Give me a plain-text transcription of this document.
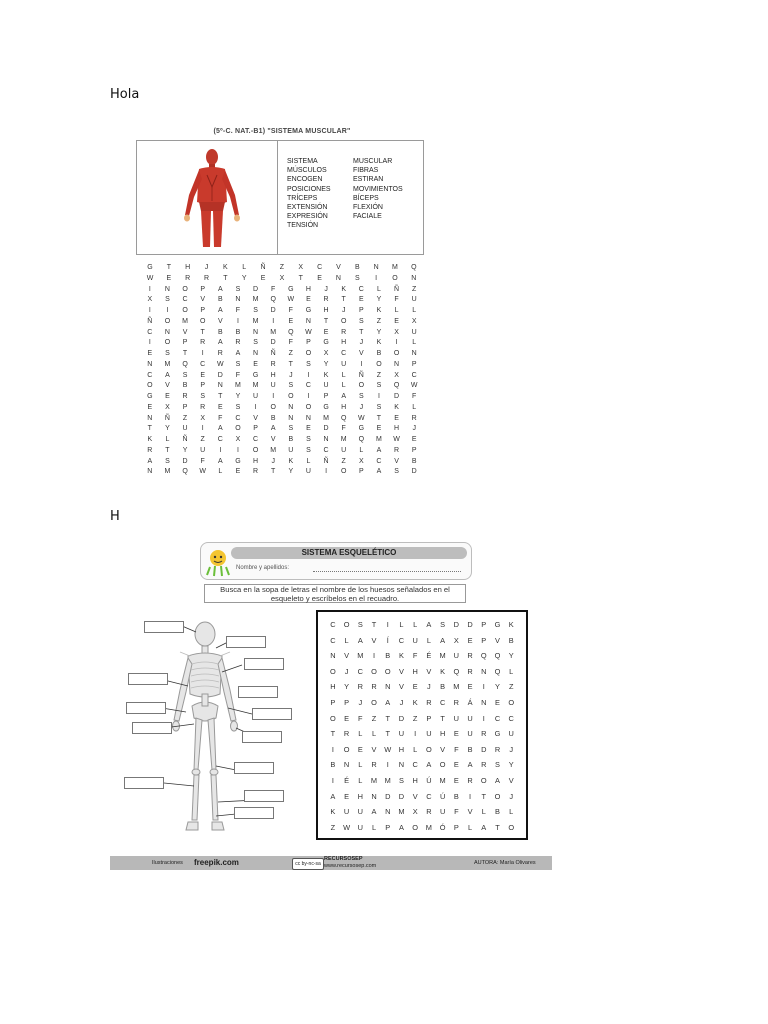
Hola
(5º-C. NAT.-B1) "SISTEMA MUSCULAR"
SISTEMA	MUSCULAR
MÚSCULOS	FIBRAS
ENCOGEN	ESTIRAN
POSICIONES	MOVIMIENTOS
TRÍCEPS	BÍCEPS
EXTENSIÓN	FLEXIÓN
EXPRESIÓN	FACIALE
TENSIÓN
G	T	H	J	K	L	Ñ	Z	X	C	V	B	N	M	Q
W	E	R	R	T	Y	E	X	T	E	N	S	I	O	N
I	N	O	P	A	S	D	F	G	H	J	K	C	L	Ñ	Z
X	S	C	V	B	N	M	Q	W	E	R	T	E	Y	F	U
I	I	O	P	A	F	S	D	F	G	H	J	P	K	L	L
Ñ	O	M	O	V	I	M	I	E	N	T	O	S	Z	E	X
C	N	V	T	B	B	N	M	Q	W	E	R	T	Y	X	U
I	O	P	R	A	R	S	D	F	P	G	H	J	K	I	L
E	S	T	I	R	A	N	Ñ	Z	O	X	C	V	B	O	N
N	M	Q	C	W	S	E	R	T	S	Y	U	I	O	N	P
C	A	S	E	D	F	G	H	J	I	K	L	Ñ	Z	X	C
O	V	B	P	N	M	M	U	S	C	U	L	O	S	Q	W
G	E	R	S	T	Y	U	I	O	I	P	A	S	I	D	F
E	X	P	R	E	S	I	O	N	O	G	H	J	S	K	L
N	Ñ	Z	X	F	C	V	B	N	N	M	Q	W	T	E	R
T	Y	U	I	A	O	P	A	S	E	D	F	G	E	H	J
K	L	Ñ	Z	C	X	C	V	B	S	N	M	Q	M	W	E
R	T	Y	U	I	I	O	M	U	S	C	U	L	A	R	P
A	S	D	F	A	G	H	J	K	L	Ñ	Z	X	C	V	B
N	M	Q	W	L	E	R	T	Y	U	I	O	P	A	S	D
H
SISTEMA ESQUELÉTICO
Nombre y apellidos:
Busca en la sopa de letras el nombre de los huesos señalados en el esqueleto y escríbelos en el recuadro.
C	O	S	T	I	L	L	A	S	D	D	P	G	K
C	L	A	V	Í	C	U	L	A	X	E	P	V	B
N	V	M	I	B	K	F	É	M	U	R	Q	Q	Y
O	J	C	O	O	V	H	V	K	Q	R	N	Q	L
H	Y	R	R	N	V	E	J	B	M	E	I	Y	Z
P	P	J	O	A	J	K	R	C	R	Á	N	E	O
O	E	F	Z	T	D	Z	P	T	U	U	I	C	C
T	R	L	L	T	U	I	U	H	E	U	R	G	U
I	O	E	V	W	H	L	O	V	F	B	D	R	J
B	N	L	R	I	N	C	A	O	E	A	R	S	Y
I	É	L	M	M	S	H	Ú	M	E	R	O	A	V
A	E	H	N	D	D	V	C	Ú	B	I	T	O	J
K	U	U	A	N	M	X	R	U	F	V	L	B	L
Z	W	U	L	P	A	O	M	Ó	P	L	A	T	O
Ilustraciones freepik.com	cc by-nc-sa
RECURSOSEP
www.recursosep.com	AUTORA: María Olivares
